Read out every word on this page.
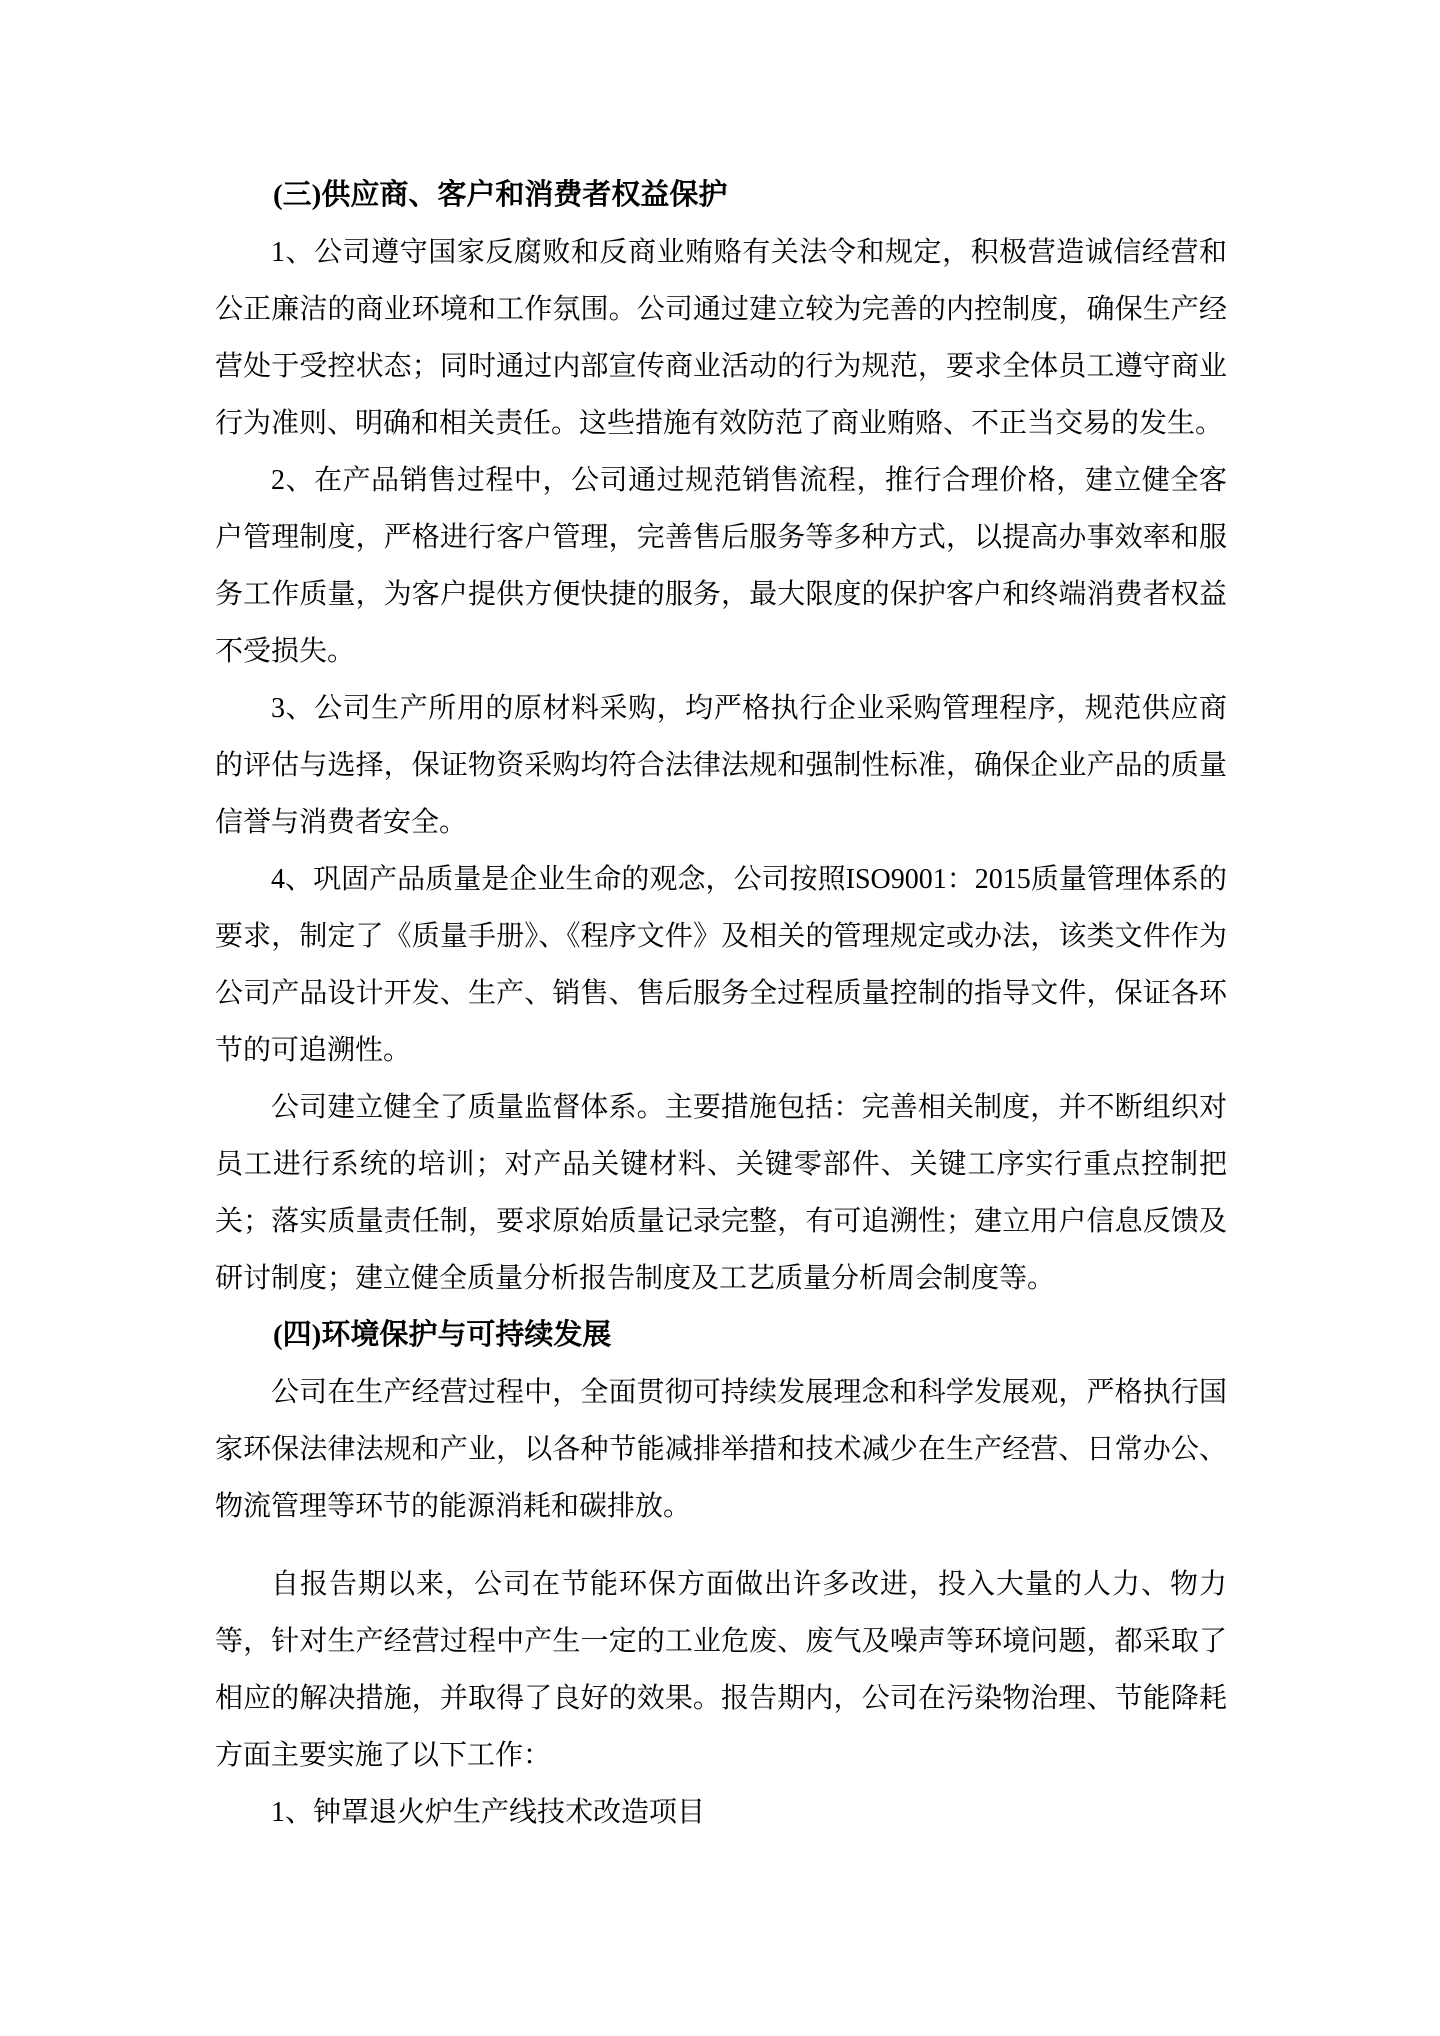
(三)供应商、客户和消费者权益保护

1、公司遵守国家反腐败和反商业贿赂有关法令和规定，积极营造诚信经营和公正廉洁的商业环境和工作氛围。公司通过建立较为完善的内控制度，确保生产经营处于受控状态；同时通过内部宣传商业活动的行为规范，要求全体员工遵守商业行为准则、明确和相关责任。这些措施有效防范了商业贿赂、不正当交易的发生。

2、在产品销售过程中，公司通过规范销售流程，推行合理价格，建立健全客户管理制度，严格进行客户管理，完善售后服务等多种方式，以提高办事效率和服务工作质量，为客户提供方便快捷的服务，最大限度的保护客户和终端消费者权益不受损失。

3、公司生产所用的原材料采购，均严格执行企业采购管理程序，规范供应商的评估与选择，保证物资采购均符合法律法规和强制性标准，确保企业产品的质量信誉与消费者安全。

4、巩固产品质量是企业生命的观念，公司按照ISO9001：2015质量管理体系的要求，制定了《质量手册》、《程序文件》及相关的管理规定或办法，该类文件作为公司产品设计开发、生产、销售、售后服务全过程质量控制的指导文件，保证各环节的可追溯性。

公司建立健全了质量监督体系。主要措施包括：完善相关制度，并不断组织对员工进行系统的培训；对产品关键材料、关键零部件、关键工序实行重点控制把关；落实质量责任制，要求原始质量记录完整，有可追溯性；建立用户信息反馈及研讨制度；建立健全质量分析报告制度及工艺质量分析周会制度等。

(四)环境保护与可持续发展

公司在生产经营过程中，全面贯彻可持续发展理念和科学发展观，严格执行国家环保法律法规和产业，以各种节能减排举措和技术减少在生产经营、日常办公、物流管理等环节的能源消耗和碳排放。

自报告期以来，公司在节能环保方面做出许多改进，投入大量的人力、物力等，针对生产经营过程中产生一定的工业危废、废气及噪声等环境问题，都采取了相应的解决措施，并取得了良好的效果。报告期内，公司在污染物治理、节能降耗方面主要实施了以下工作：

1、钟罩退火炉生产线技术改造项目
